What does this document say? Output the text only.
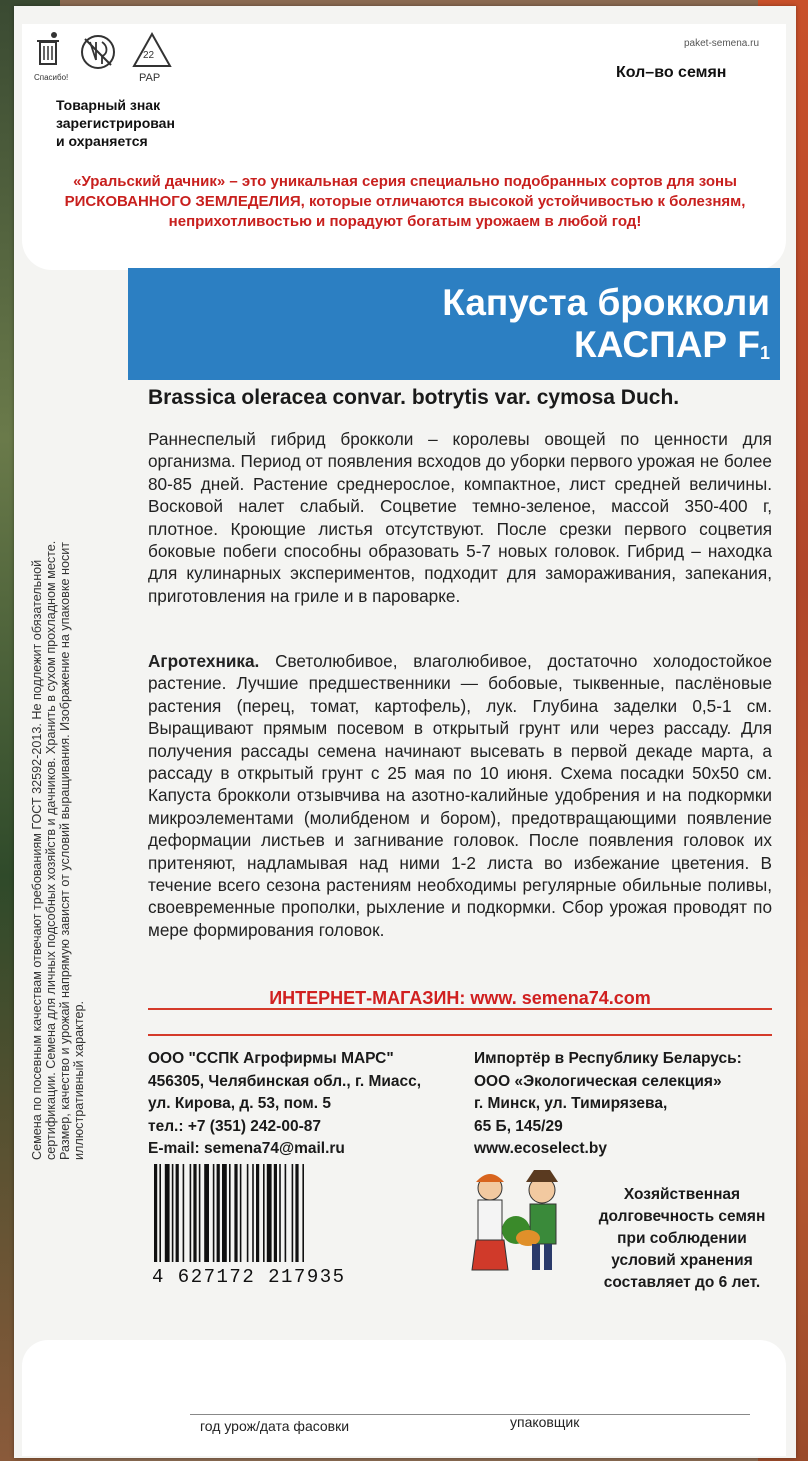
Спасибо!
22
PAP
Товарный знак
зарегистрирован
и охраняется
paket-semena.ru
Кол–во семян
«Уральский дачник» – это уникальная серия специально подобранных сортов для зоны РИСКОВАННОГО ЗЕМЛЕДЕЛИЯ, которые отличаются высокой устойчивостью к болезням, неприхотливостью и порадуют богатым урожаем в любой год!
Капуста брокколи
КАСПАР $F_1$
Brassica oleracea convar. botrytis var. cymosa Duch.
Раннеспелый гибрид брокколи – королевы овощей по ценности для организма. Период от появления всходов до уборки первого урожая не более 80-85 дней. Растение среднерослое, компактное, лист средней величины. Восковой налет слабый. Соцветие темно-зеленое, массой 350-400 г, плотное. Кроющие листья отсутствуют. После срезки первого соцветия боковые побеги способны образовать 5-7 новых головок. Гибрид – находка для кулинарных экспериментов, подходит для замораживания, запекания, приготовления на гриле и в пароварке.
Агротехника. Светолюбивое, влаголюбивое, достаточно холодостойкое растение. Лучшие предшественники — бобовые, тыквенные, паслёновые растения (перец, томат, картофель), лук. Глубина заделки 0,5-1 см. Выращивают прямым посевом в открытый грунт или через рассаду. Для получения рассады семена начинают высевать в первой декаде марта, а рассаду в открытый грунт с 25 мая по 10 июня. Схема посадки 50х50 см. Капуста брокколи отзывчива на азотно-калийные удобрения и на подкормки микроэлементами (молибденом и бором), предотвращающими появление деформации листьев и загнивание головок. После появления головок их притеняют, надламывая над ними 1-2 листа во избежание цветения. В течение всего сезона растениям необходимы регулярные обильные поливы, своевременные прополки, рыхление и подкормки. Сбор урожая проводят по мере формирования головок.
ИНТЕРНЕТ-МАГАЗИН: www. semena74.com
ООО "ССПК Агрофирмы МАРС"
456305, Челябинская обл., г. Миасс,
ул. Кирова, д. 53, пом. 5
тел.: +7 (351) 242-00-87
E-mail: semena74@mail.ru
Импортёр в Республику Беларусь:
ООО «Экологическая селекция»
г. Минск, ул. Тимирязева,
65 Б, 145/29
www.ecoselect.by
Семена по посевным качествам отвечают требованиям ГОСТ 32592-2013. Не подлежит обязательной сертификации. Семена для личных подсобных хозяйств и дачников. Хранить в сухом прохладном месте. Размер, качество и урожай напрямую зависят от условий выращивания. Изображение на упаковке носит иллюстративный характер.
4 627172 217935
Хозяйственная долговечность семян при соблюдении условий хранения составляет до 6 лет.
год урож/дата фасовки	упаковщик
